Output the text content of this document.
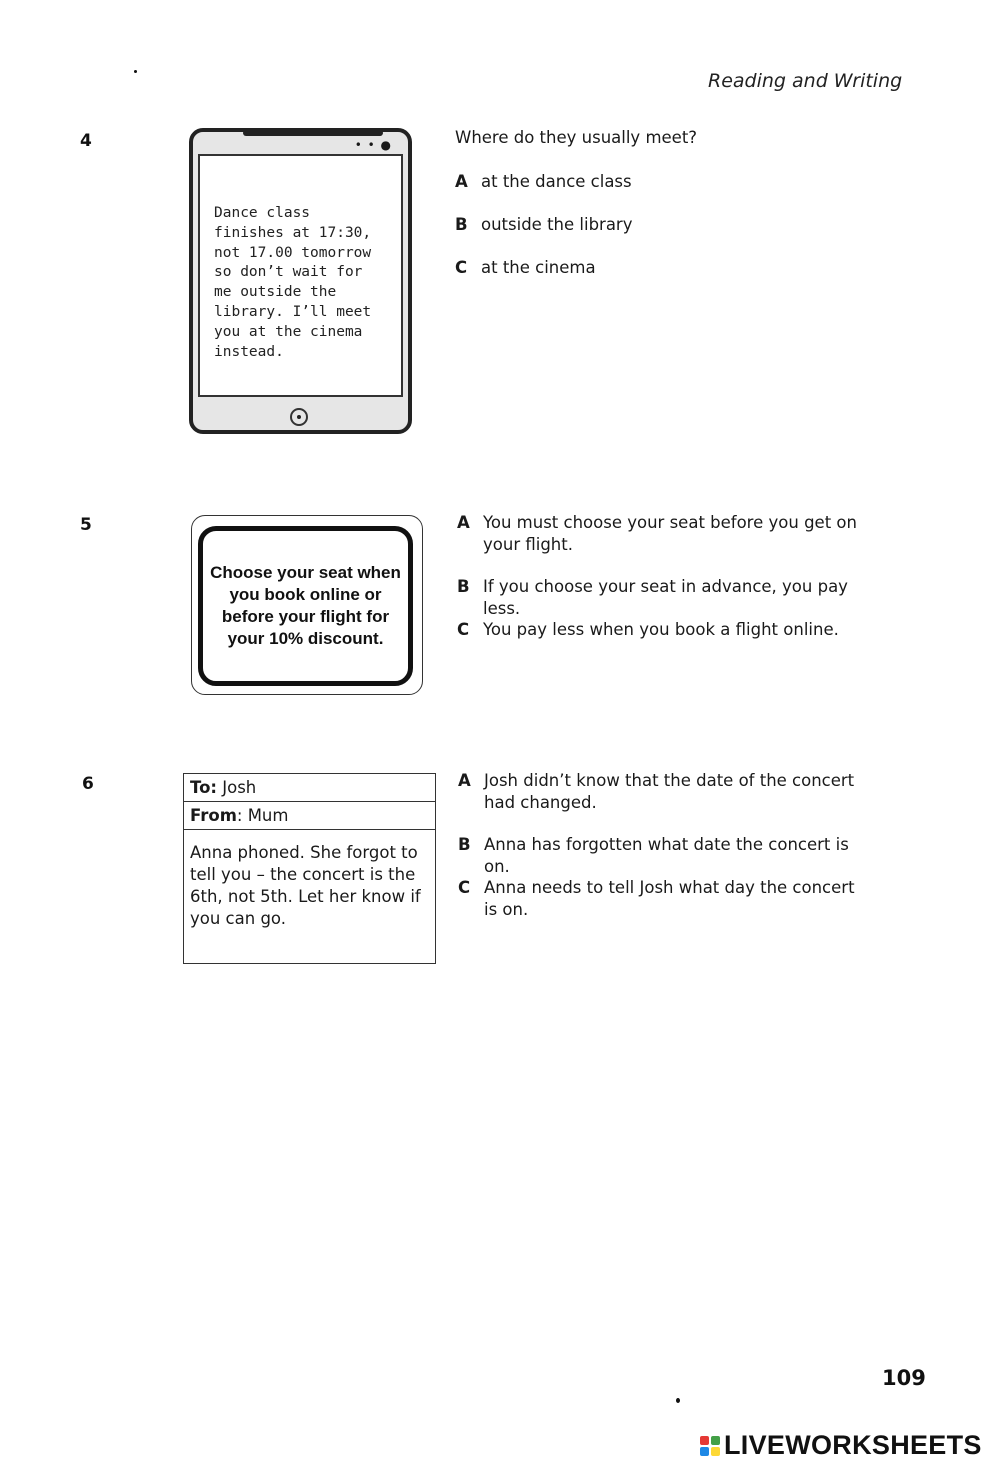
Reading and Writing
4	• • ●
Dance class
finishes at 17:30,
not 17.00 tomorrow
so don’t wait for
me outside the
library. I’ll meet
you at the cinema
instead.
Where do they usually meet?
A at the dance class
B outside the library
C at the cinema
5
Choose your seat when you book online or before your flight for your 10% discount.
A You must choose your seat before you get on your flight.
B If you choose your seat in advance, you pay less.
C You pay less when you book a flight online.
6	To: Josh
From: Mum
Anna phoned. She forgot to tell you – the concert is the 6th, not 5th. Let her know if you can go.
A Josh didn’t know that the date of the concert had changed.
B Anna has forgotten what date the concert is on.
C Anna needs to tell Josh what day the concert is on.
109
LIVEWORKSHEETS
